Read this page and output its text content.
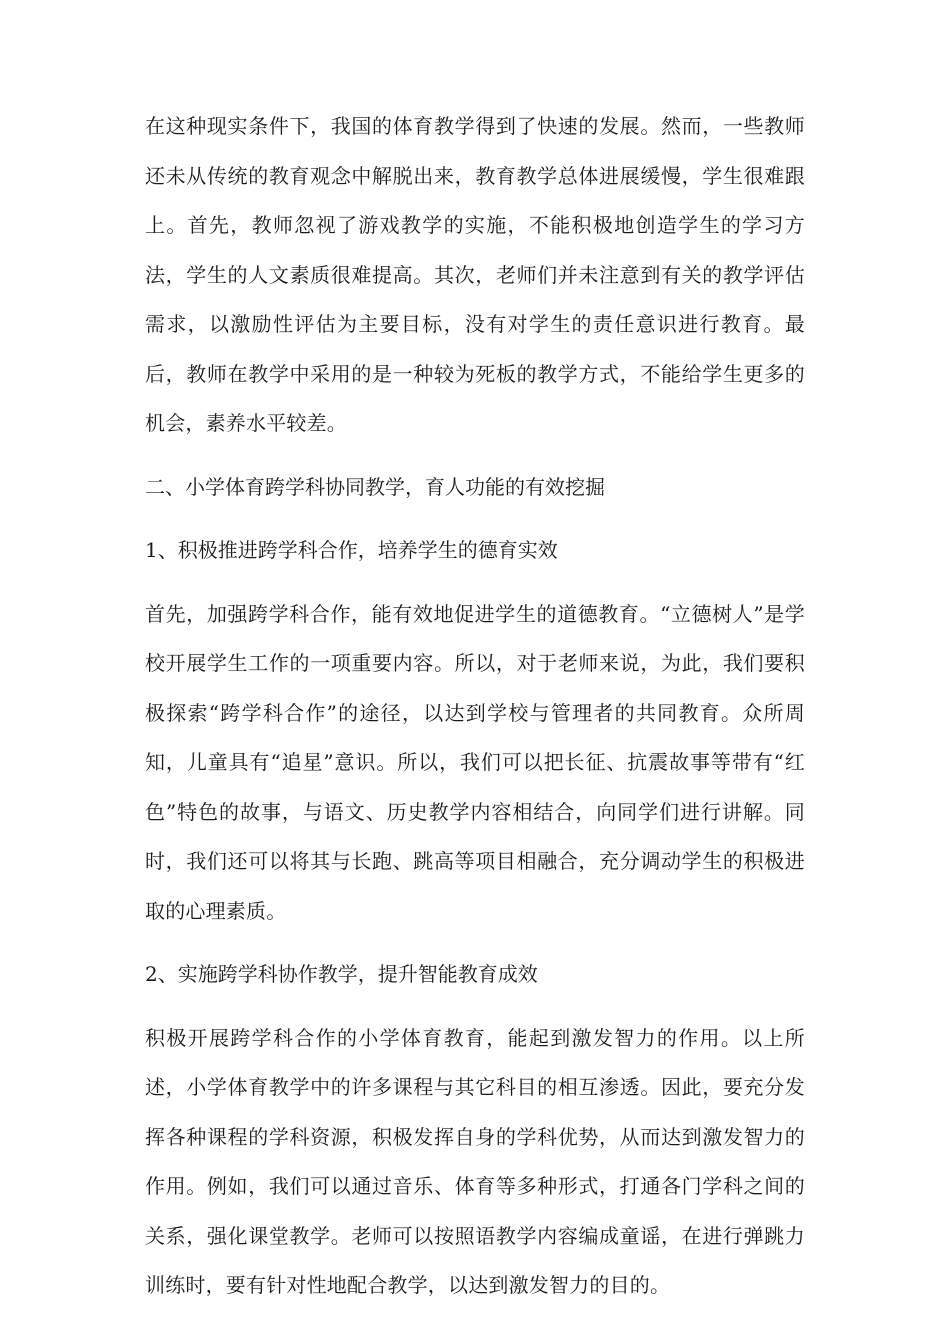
在这种现实条件下，我国的体育教学得到了快速的发展。然而，一些教师还未从传统的教育观念中解脱出来，教育教学总体进展缓慢，学生很难跟上。首先，教师忽视了游戏教学的实施，不能积极地创造学生的学习方法，学生的人文素质很难提高。其次，老师们并未注意到有关的教学评估需求，以激励性评估为主要目标，没有对学生的责任意识进行教育。最后，教师在教学中采用的是一种较为死板的教学方式，不能给学生更多的机会，素养水平较差。

二、小学体育跨学科协同教学，育人功能的有效挖掘

1、积极推进跨学科合作，培养学生的德育实效

首先，加强跨学科合作，能有效地促进学生的道德教育。“立德树人”是学校开展学生工作的一项重要内容。所以，对于老师来说，为此，我们要积极探索“跨学科合作”的途径，以达到学校与管理者的共同教育。众所周知，儿童具有“追星”意识。所以，我们可以把长征、抗震故事等带有“红色”特色的故事，与语文、历史教学内容相结合，向同学们进行讲解。同时，我们还可以将其与长跑、跳高等项目相融合，充分调动学生的积极进取的心理素质。

2、实施跨学科协作教学，提升智能教育成效

积极开展跨学科合作的小学体育教育，能起到激发智力的作用。以上所述，小学体育教学中的许多课程与其它科目的相互渗透。因此，要充分发挥各种课程的学科资源，积极发挥自身的学科优势，从而达到激发智力的作用。例如，我们可以通过音乐、体育等多种形式，打通各门学科之间的关系，强化课堂教学。老师可以按照语教学内容编成童谣，在进行弹跳力训练时，要有针对性地配合教学，以达到激发智力的目的。
